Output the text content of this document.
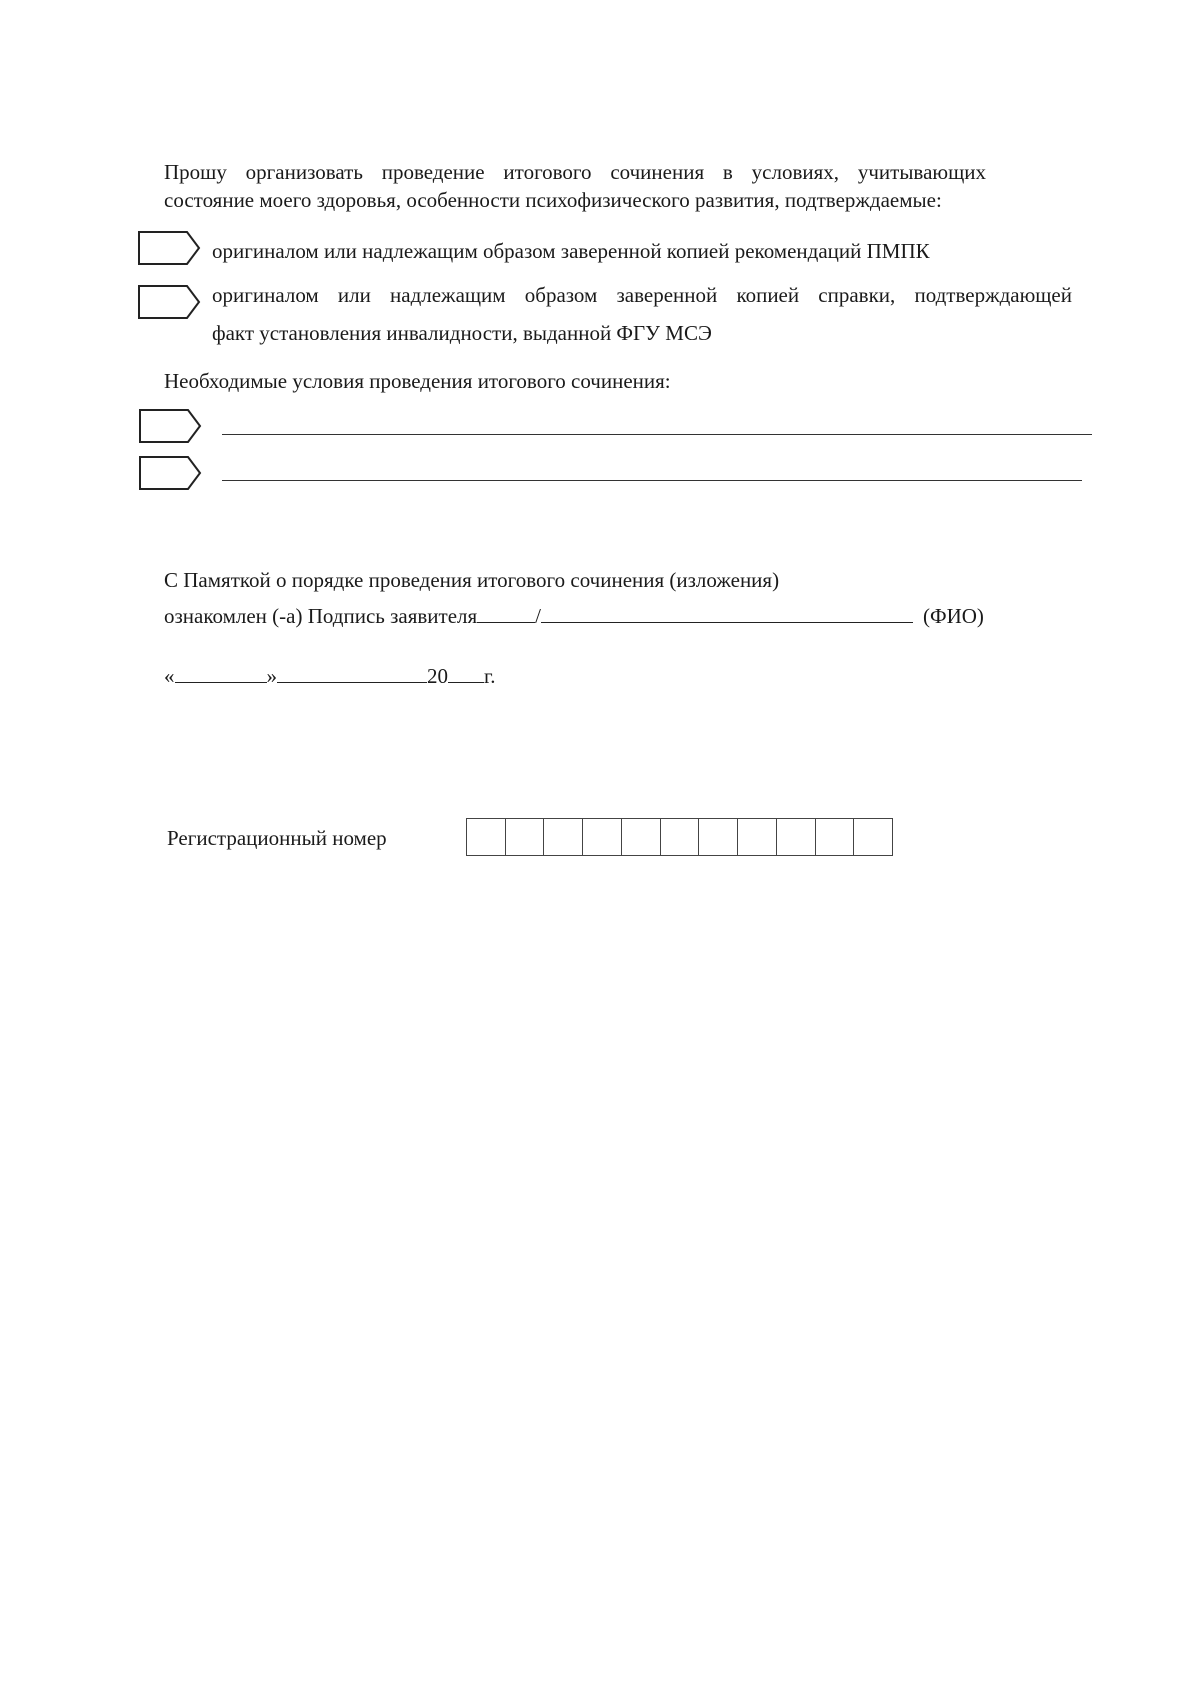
Прошу организовать проведение итогового сочинения в условиях, учитывающих
состояние моего здоровья, особенности психофизического развития, подтверждаемые:
оригиналом или надлежащим образом заверенной копией рекомендаций ПМПК
оригиналом или надлежащим образом заверенной копией справки, подтверждающей
факт установления инвалидности, выданной ФГУ МСЭ
Необходимые условия проведения итогового сочинения:
С Памяткой о порядке проведения итогового сочинения (изложения)
ознакомлен (-а) Подпись заявителя	/	(ФИО)
«	»	20 г.
Регистрационный номер
